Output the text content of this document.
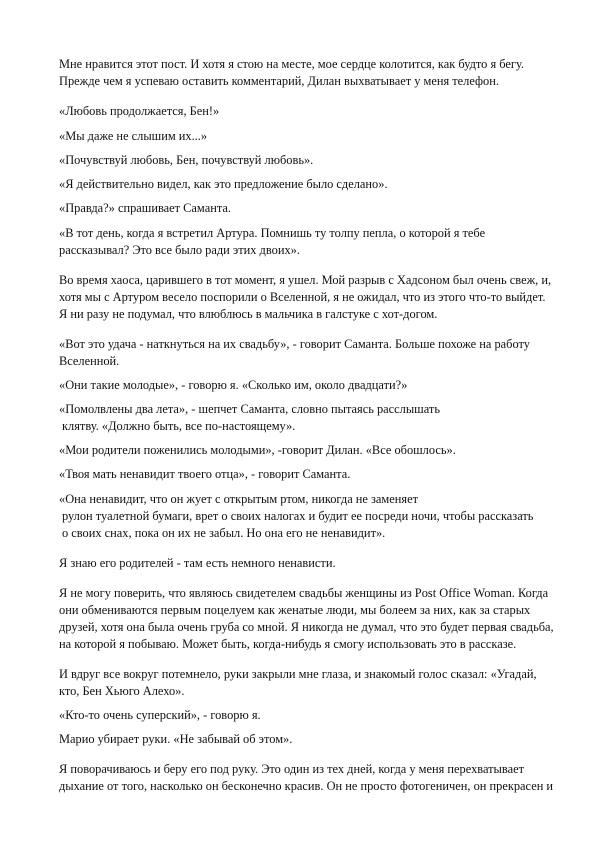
Мне нравится этот пост. И хотя я стою на месте, мое сердце колотится, как будто я бегу.
Прежде чем я успеваю оставить комментарий, Дилан выхватывает у меня телефон.
«Любовь продолжается, Бен!»
«Мы даже не слышим их...»
«Почувствуй любовь, Бен, почувствуй любовь».
«Я действительно видел, как это предложение было сделано».
«Правда?» спрашивает Саманта.
«В тот день, когда я встретил Артура. Помнишь ту толпу пепла, о которой я тебе
рассказывал? Это все было ради этих двоих».
Во время хаоса, царившего в тот момент, я ушел. Мой разрыв с Хадсоном был очень свеж, и,
хотя мы с Артуром весело поспорили о Вселенной, я не ожидал, что из этого что-то выйдет.
Я ни разу не подумал, что влюблюсь в мальчика в галстуке с хот-догом.
«Вот это удача - наткнуться на их свадьбу», - говорит Саманта. Больше похоже на работу
Вселенной.
«Они такие молодые», - говорю я. «Сколько им, около двадцати?»
«Помолвлены два лета», - шепчет Саманта, словно пытаясь расслышать
клятву. «Должно быть, все по-настоящему».
«Мои родители поженились молодыми», -говорит Дилан. «Все обошлось».
«Твоя мать ненавидит твоего отца», - говорит Саманта.
«Она ненавидит, что он жует с открытым ртом, никогда не заменяет
рулон туалетной бумаги, врет о своих налогах и будит ее посреди ночи, чтобы рассказать
о своих снах, пока он их не забыл. Но она его не ненавидит».
Я знаю его родителей - там есть немного ненависти.
Я не могу поверить, что являюсь свидетелем свадьбы женщины из Post Office Woman. Когда
они обмениваются первым поцелуем как женатые люди, мы болеем за них, как за старых
друзей, хотя она была очень груба со мной. Я никогда не думал, что это будет первая свадьба,
на которой я побываю. Может быть, когда-нибудь я смогу использовать это в рассказе.
И вдруг все вокруг потемнело, руки закрыли мне глаза, и знакомый голос сказал: «Угадай,
кто, Бен Хьюго Алехо».
«Кто-то очень суперский», - говорю я.
Марио убирает руки. «Не забывай об этом».
Я поворачиваюсь и беру его под руку. Это один из тех дней, когда у меня перехватывает
дыхание от того, насколько он бесконечно красив. Он не просто фотогеничен, он прекрасен и
